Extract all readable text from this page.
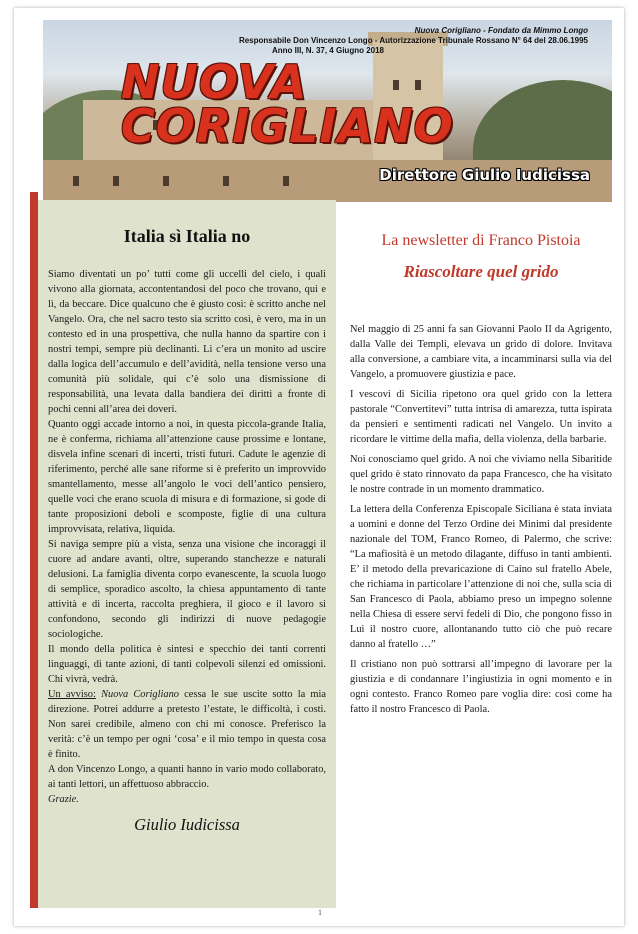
Nuova Corigliano - Fondato da Mimmo Longo

Responsabile Don Vincenzo Longo - Autorizzazione Tribunale Rossano N° 64 del 28.06.1995

Anno III, N. 37, 4 Giugno 2018

NUOVA CORIGLIANO

Direttore Giulio Iudicissa

Italia sì Italia no

Siamo diventati un po’ tutti come gli uccelli del cielo, i quali vivono alla giornata, accontentandosi del poco che trovano, qui e lì, da beccare. Dice qualcuno che è giusto così: è scritto anche nel Vangelo. Ora, che nel sacro testo sia scritto così, è vero, ma in un contesto ed in una prospettiva, che nulla hanno da spartire con i nostri tempi, sempre più declinanti. Lì c’era un monito ad uscire dalla logica dell’accumulo e dell’avidità, nella tensione verso una comunità più solidale, qui c’è solo una dismissione di responsabilità, una levata dalla bandiera dei diritti a fronte di pochi cenni all’area dei doveri.

Quanto oggi accade intorno a noi, in questa piccola-grande Italia, ne è conferma, richiama all’attenzione cause prossime e lontane, disvela infine scenari di incerti, tristi futuri. Cadute le agenzie di riferimento, perché alle sane riforme si è preferito un improvvido smantellamento, messe all’angolo le voci dell’antico pensiero, quelle voci che erano scuola di misura e di formazione, si gode di tante proposizioni deboli e scomposte, figlie di una cultura improvvisata, relativa, liquida.

Si naviga sempre più a vista, senza una visione che incoraggi il cuore ad andare avanti, oltre, superando stanchezze e naturali delusioni. La famiglia diventa corpo evanescente, la scuola luogo di semplice, sporadico ascolto, la chiesa appuntamento di tante attività e di incerta, raccolta preghiera, il gioco e il lavoro si confondono, secondo gli indirizzi di nuove pedagogie sociologiche.

Il mondo della politica è sintesi e specchio dei tanti correnti linguaggi, di tante azioni, di tanti colpevoli silenzi ed omissioni. Chi vivrà, vedrà.

Un avviso: Nuova Corigliano cessa le sue uscite sotto la mia direzione. Potrei addurre a pretesto l’estate, le difficoltà, i costi. Non sarei credibile, almeno con chi mi conosce. Preferisco la verità: c’è un tempo per ogni ‘cosa’ e il mio tempo in questa cosa è finito.

A don Vincenzo Longo, a quanti hanno in vario modo collaborato, ai tanti lettori, un affettuoso abbraccio.

Grazie.

Giulio Iudicissa

La newsletter di Franco Pistoia
Riascoltare quel grido

Nel maggio di 25 anni fa san Giovanni Paolo II da Agrigento, dalla Valle dei Templi, elevava un grido di dolore. Invitava alla conversione, a cambiare vita, a incamminarsi sulla via del Vangelo, a promuovere giustizia e pace.

I vescovi di Sicilia ripetono ora quel grido con la lettera pastorale “Convertitevi” tutta intrisa di amarezza, tutta ispirata da pensieri e sentimenti radicati nel Vangelo. Un invito a ricordare le vittime della mafia, della violenza, della barbarie.

Noi conosciamo quel grido. A noi che viviamo nella Sibaritide quel grido è stato rinnovato da papa Francesco, che ha visitato le nostre contrade in un momento drammatico.

La lettera della Conferenza Episcopale Siciliana è stata inviata a uomini e donne del Terzo Ordine dei Minimi dal presidente nazionale del TOM, Franco Romeo, di Palermo, che scrive: “La mafiosità è un metodo dilagante, diffuso in tanti ambienti. E’ il metodo della prevaricazione di Caino sul fratello Abele, che richiama in particolare l’attenzione di noi che, sulla scia di San Francesco di Paola, abbiamo preso un impegno solenne nella Chiesa di essere servi fedeli di Dio, che pongono fisso in Lui il nostro cuore, allontanando tutto ciò che può recare danno al fratello …”

Il cristiano non può sottrarsi all’impegno di lavorare per la giustizia e di condannare l’ingiustizia in ogni momento e in ogni contesto. Franco Romeo pare voglia dire: così come ha fatto il nostro Francesco di Paola.

1
